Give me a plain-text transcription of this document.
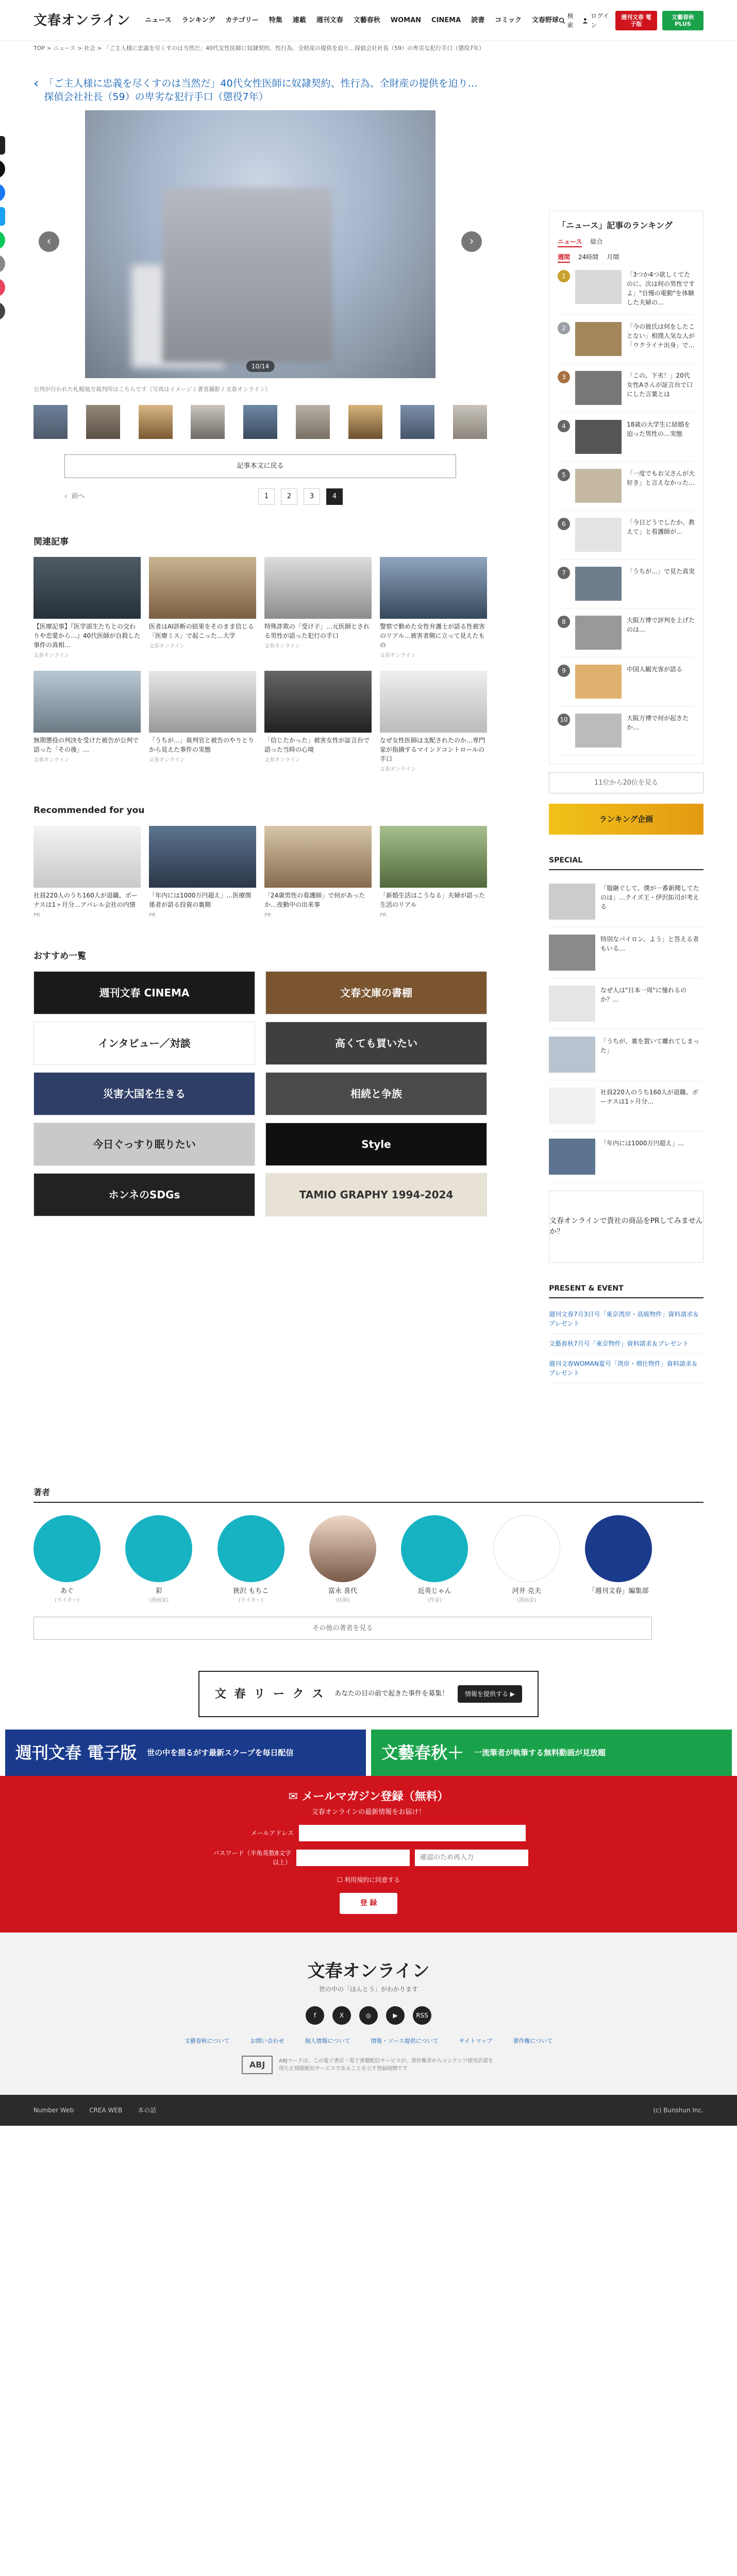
文春オンライン ニュース ランキング カテゴリー 特集 連載 週刊文春 文藝春秋 WOMAN CINEMA 読書 コミック 文春野球
検索
ログイン
週刊文春 電子版
文藝春秋 PLUS
TOP > ニュース > 社会 > 「ご主人様に忠義を尽くすのは当然だ」40代女性医師に奴隷契約、性行為、全財産の提供を迫り…探偵会社社長（59）の卑劣な犯行手口（懲役7年）
‹ 「ご主人様に忠義を尽くすのは当然だ」40代女性医師に奴隷契約、性行為、全財産の提供を迫り…探偵会社社長（59）の卑劣な犯行手口（懲役7年）
‹
10/14
›
公判が行われた札幌地方裁判所はこちらです（写真はイメージ / 著者撮影 / 文春オンライン）
記事本文に戻る
‹  前へ	1	2	3	4
関連記事
【医療記事】『医学部生たちとの交わりや恋愛から…』40代医師が自殺した事件の真相…
文春オンライン
医者はAI診断の結果をそのまま信じる「医療ミス」で起こった…大学
文春オンライン
特殊詐欺の「受け子」…元医師とされる男性が語った犯行の手口
文春オンライン
警察で勤めた女性弁護士が語る性被害のリアル…被害者側に立って見えたもの
文春オンライン
無期懲役の判決を受けた被告が公判で語った「その後」…
文春オンライン
「うちが…」裁判官と被告のやりとりから見えた事件の実態
文春オンライン
「信じたかった」被害女性が証言台で語った当時の心境
文春オンライン
なぜ女性医師は支配されたのか…専門家が指摘するマインドコントロールの手口
文春オンライン
Recommended for you
社員220人のうち160人が退職、ボーナスは1ヶ月分…アパレル会社の内情
PR
「年内には1000万円超え」…医療関係者が語る投資の裏側
PR
「24歳男性の看護師」で何があったか…夜勤中の出来事
PR
「新婚生活はこうなる」夫婦が語った生活のリアル
PR
おすすめ一覧
週刊文春 CINEMA	文春文庫の書棚
インタビュー／対談	高くても買いたい
災害大国を生きる	相続と争族
今日ぐっすり眠りたい	Style
ホンネのSDGs	TAMIO GRAPHY 1994-2024
「ニュース」記事のランキング
ニュース 総合
週間 24時間 月間
1	「3つか4つ欲しくてたのに。次は何の男性ですよ」"自慢の電動"を体験した夫婦の…
2	「今の彼氏は何をしたことない」相撲人気な人が「ウクライナ出身」で…
3	「この、下劣！」20代女性Aさんが証言台で口にした言葉とは
4	18歳の大学生に結婚を迫った男性の…実態
5	「一度でもお父さんが大好き」と言えなかった…
6	「今日どうでしたか、教えて」と看護師が…
7	「うちが…」で見た真実
8	大阪万博で評判を上げたのは…
9	中国人観光客が語る
10	大阪万博で何が起きたか…
11位から20位を見る
ランキング企画
SPECIAL
「服継ぐして、僕が一番新聞してたのは」…クイズ王・伊沢拓司が考える
特別なパイロン、よう」と答える者もいる…
なぜ人は"日本一周"に憧れるのか？…
「うちが、裏を置いて離れてしまった」
社員220人のうち160人が退職、ボーナスは1ヶ月分…
「年内には1000万円超え」…
文春オンラインで貴社の商品をPRしてみませんか？
PRESENT & EVENT
週刊文春7月3日号「東京湾岸・高級物件」資料請求＆プレゼント
文藝春秋7月号「東京物件」資料請求＆プレゼント
週刊文春WOMAN夏号「湾岸・増仕物件」資料請求＆プレゼント
著者
あぐ
(ライター)
彩
(漫画家)
狭沢 もちこ
(ライター)
富永 喜代
(医師)
近英じゃん
(作家)
河井 克夫
(漫画家)
「週刊文春」編集部
その他の著者を見る
文 春 リ ー ク ス あなたの目の前で起きた事件を募集！	情報を提供する ▶
週刊文春 電子版 世の中を揺るがす最新スクープを毎日配信	文藝春秋＋ 一流筆者が執筆する無料動画が見放題
✉ メールマガジン登録（無料）
文春オンラインの最新情報をお届け！
メールアドレス
パスワード（半角英数8文字以上）
☐ 利用規約に同意する
登 録
文春オンライン
世の中の「ほんとう」がわかります
f	X	◎	▶	RSS
文藝春秋について	お問い合わせ	個人情報について	情報・ソース提供について	サイトマップ	著作権について
ABJ	ABJマークは、この電子書店・電子書籍配信サービスが、著作権者からコンテンツ使用許諾を得た正規版配信サービスであることを示す登録商標です
Number Web	CREA WEB	本の話	(c) Bunshun Inc.
